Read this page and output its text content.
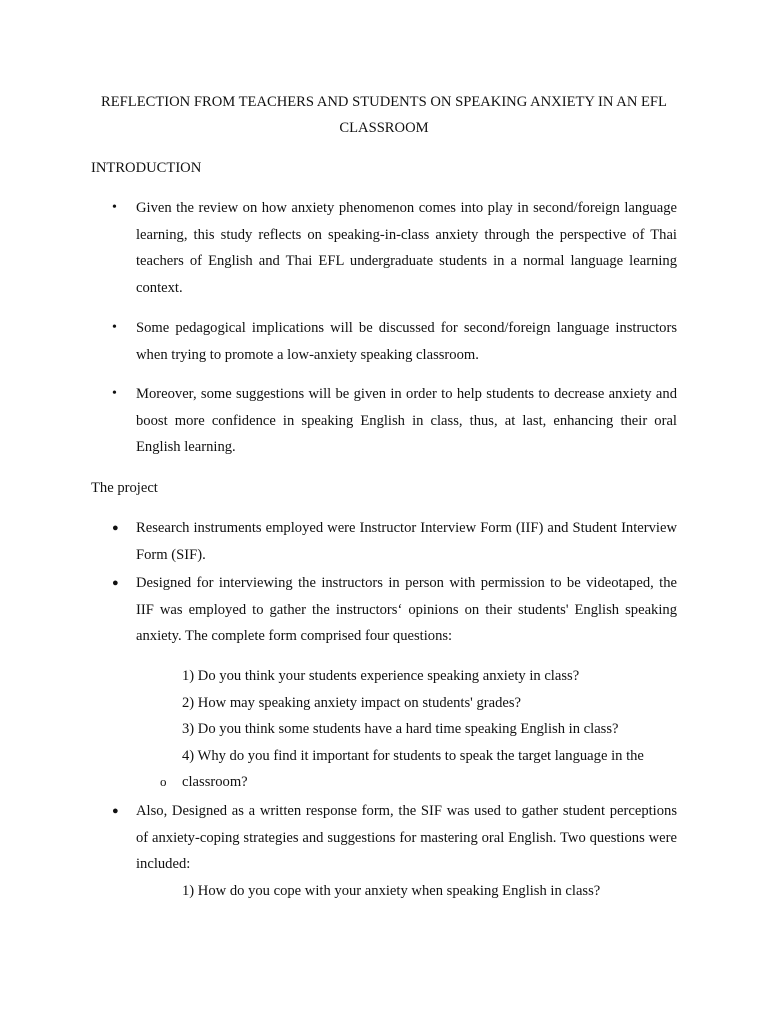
REFLECTION FROM TEACHERS AND STUDENTS ON SPEAKING ANXIETY IN AN EFL
CLASSROOM
INTRODUCTION
•	Given the review on how anxiety phenomenon comes into play in second/foreign language learning, this study reflects on speaking-in-class anxiety through the perspective of Thai teachers of English and Thai EFL undergraduate students in a normal language learning context.

•	Some pedagogical implications will be discussed for second/foreign language instructors when trying to promote a low-anxiety speaking classroom.

•	Moreover, some suggestions will be given in order to help students to decrease anxiety and boost more confidence in speaking English in class, thus, at last, enhancing their oral English learning.

The project
●	Research instruments employed were Instructor Interview Form (IIF) and Student Interview Form (SIF).

●	Designed for interviewing the instructors in person with permission to be videotaped, the IIF was employed to gather the instructors‘ opinions on their students' English speaking anxiety. The complete form comprised four questions:

1) Do you think your students experience speaking anxiety in class?

2) How may speaking anxiety impact on students' grades?

3) Do you think some students have a hard time speaking English in class?

4) Why do you find it important for students to speak the target language in the

o classroom?

●	Also, Designed as a written response form, the SIF was used to gather student perceptions of anxiety-coping strategies and suggestions for mastering oral English. Two questions were included:

1) How do you cope with your anxiety when speaking English in class?
